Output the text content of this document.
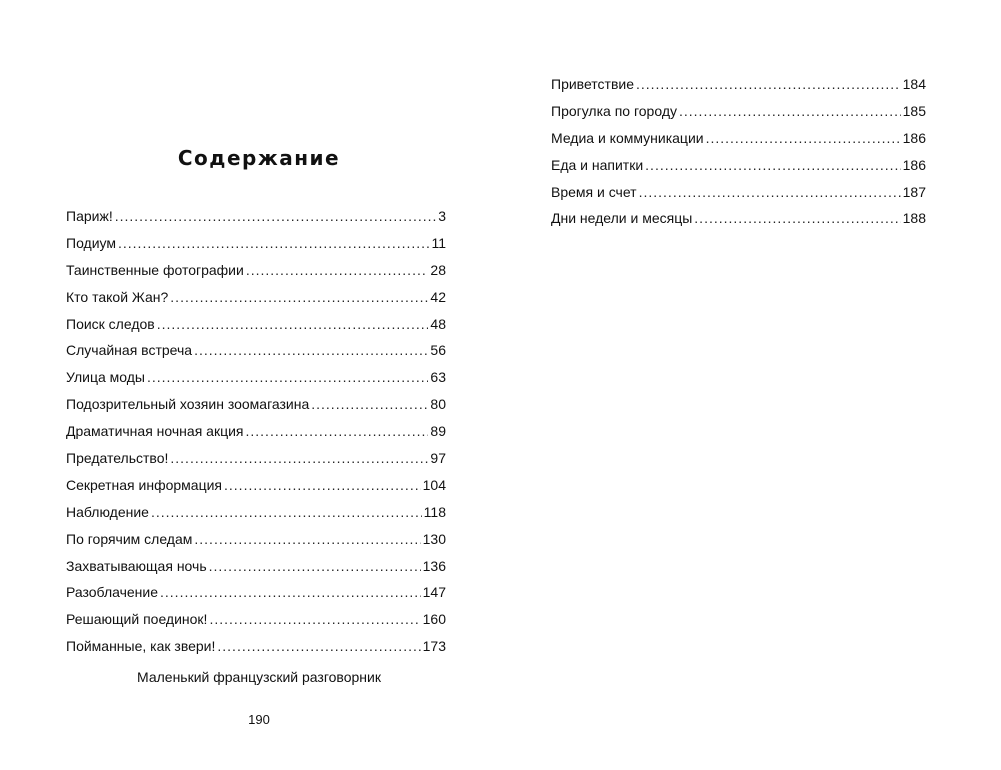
Содержание
Париж! .....	3
Подиум .....	11
Таинственные фотографии .....	28
Кто такой Жан? .....	42
Поиск следов .....	48
Случайная встреча .....	56
Улица моды .....	63
Подозрительный хозяин зоомагазина .....	80
Драматичная ночная акция .....	89
Предательство! .....	97
Секретная информация .....	104
Наблюдение .....	118
По горячим следам .....	130
Захватывающая ночь .....	136
Разоблачение .....	147
Решающий поединок! .....	160
Пойманные, как звери! .....	173
Маленький французский разговорник
190
Приветствие .....	184
Прогулка по городу .....	185
Медиа и коммуникации .....	186
Еда и напитки .....	186
Время и счет .....	187
Дни недели и месяцы .....	188
